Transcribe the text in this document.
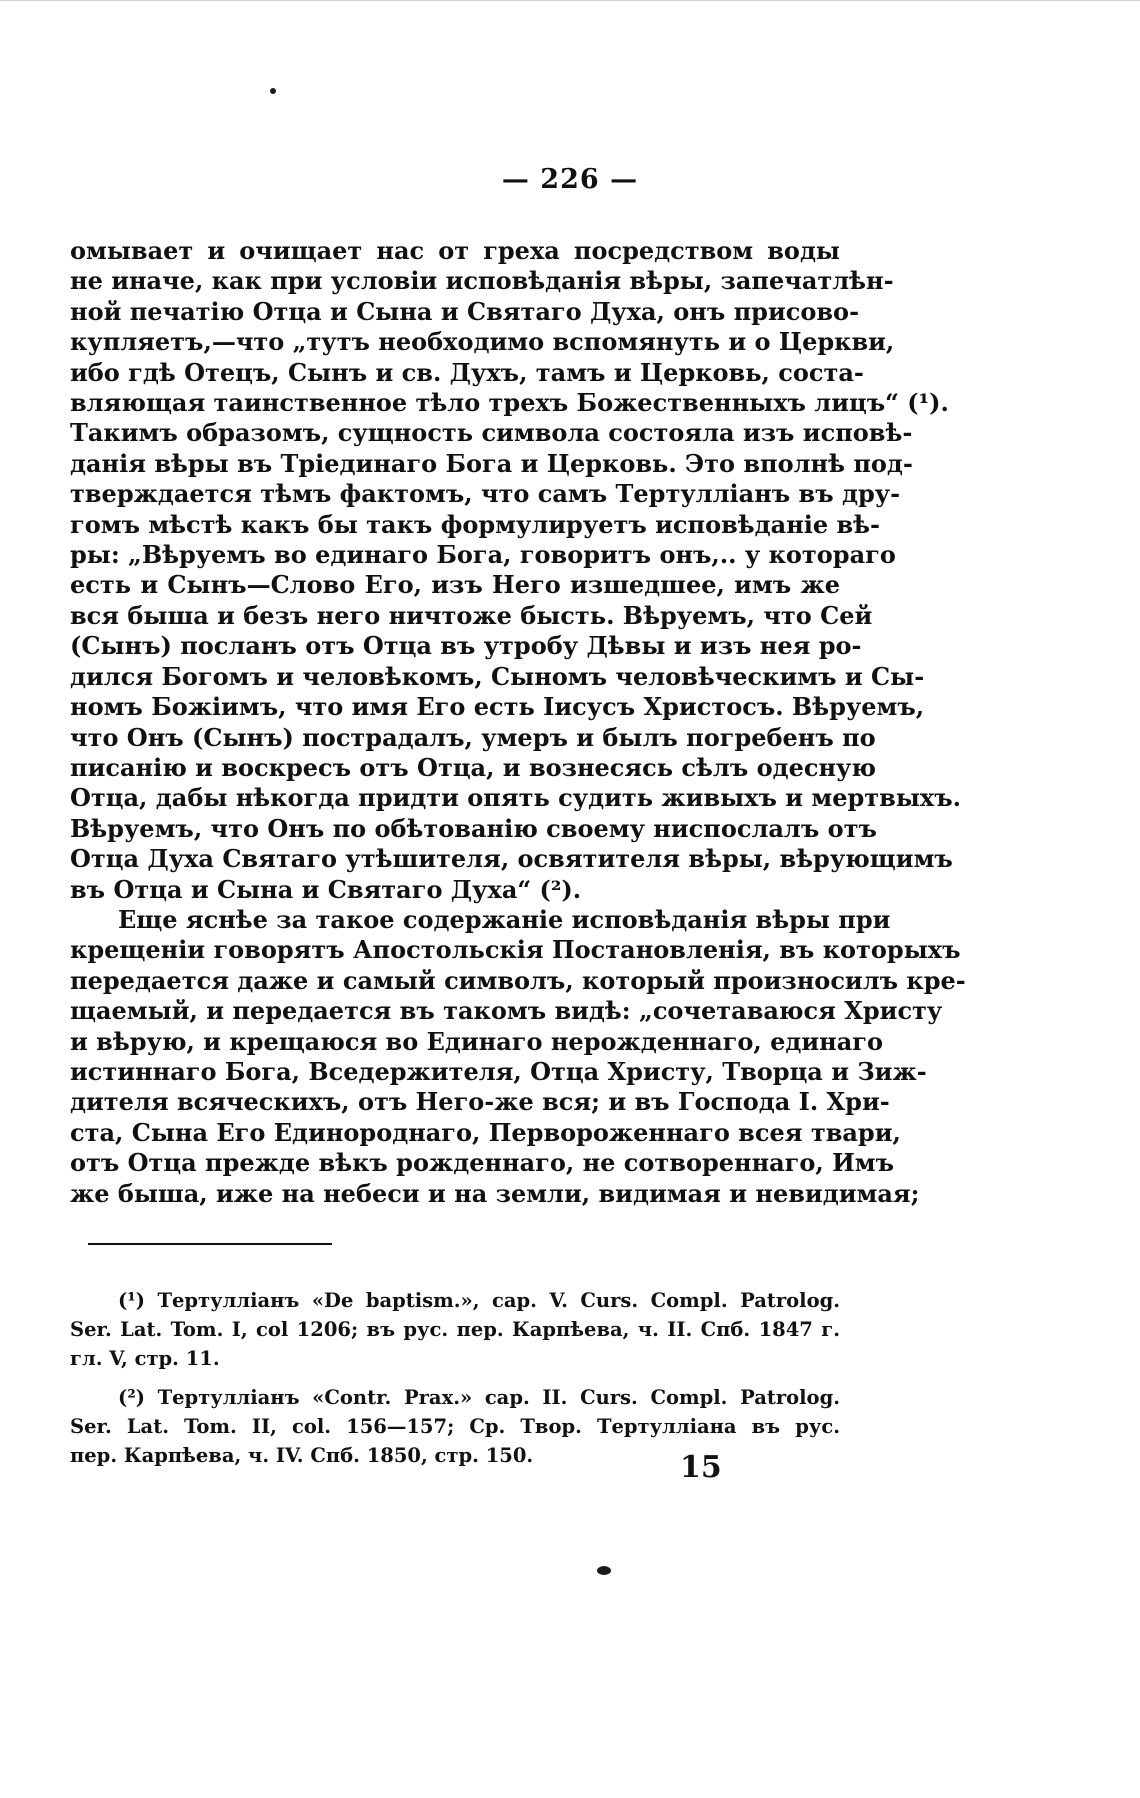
— 226 —
омывает и очищает нас от греха посредством воды
не иначе, как при условіи исповѣданія вѣры, запечатлѣн-
ной печатію Отца и Сына и Святаго Духа, онъ присово-
купляетъ,—что „тутъ необходимо вспомянуть и о Церкви,
ибо гдѣ Отецъ, Сынъ и св. Духъ, тамъ и Церковь, соста-
вляющая таинственное тѣло трехъ Божественныхъ лицъ“ (¹).
Такимъ образомъ, сущность символа состояла изъ исповѣ-
данія вѣры въ Тріединаго Бога и Церковь. Это вполнѣ под-
тверждается тѣмъ фактомъ, что самъ Тертулліанъ въ дру-
гомъ мѣстѣ какъ бы такъ формулируетъ исповѣданіе вѣ-
ры: „Вѣруемъ во единаго Бога, говоритъ онъ,.. у котораго
есть и Сынъ—Слово Его, изъ Него изшедшее, имъ же
вся быша и безъ него ничтоже бысть. Вѣруемъ, что Сей
(Сынъ) посланъ отъ Отца въ утробу Дѣвы и изъ нея ро-
дился Богомъ и человѣкомъ, Сыномъ человѣческимъ и Сы-
номъ Божіимъ, что имя Его есть Іисусъ Христосъ. Вѣруемъ,
что Онъ (Сынъ) пострадалъ, умеръ и былъ погребенъ по
писанію и воскресъ отъ Отца, и вознесясь сѣлъ одесную
Отца, дабы нѣкогда придти опять судить живыхъ и мертвыхъ.
Вѣруемъ, что Онъ по обѣтованію своему ниспослалъ отъ
Отца Духа Святаго утѣшителя, освятителя вѣры, вѣрующимъ
въ Отца и Сына и Святаго Духа“ (²).
Еще яснѣе за такое содержаніе исповѣданія вѣры при
крещеніи говорятъ Апостольскія Постановленія, въ которыхъ
передается даже и самый символъ, который произносилъ кре-
щаемый, и передается въ такомъ видѣ: „сочетаваюся Христу
и вѣрую, и крещаюся во Единаго нерожденнаго, единаго
истиннаго Бога, Вседержителя, Отца Христу, Творца и Зиж-
дителя всяческихъ, отъ Него-же вся; и въ Господа І. Хри-
ста, Сына Его Единороднаго, Первороженнаго всея твари,
отъ Отца прежде вѣкъ рожденнаго, не сотвореннаго, Имъ
же быша, иже на небеси и на земли, видимая и невидимая;
(¹) Тертулліанъ «De baptism.», cap. V. Curs. Compl. Patrolog.
Ser. Lat. Tom. I, col 1206; въ рус. пер. Карпѣева, ч. II. Спб. 1847 г.
гл. V, стр. 11.
(²) Тертулліанъ «Contr. Prax.» cap. II. Curs. Compl. Patrolog.
Ser. Lat. Tom. II, col. 156—157; Ср. Твор. Тертулліана въ рус.
пер. Карпѣева, ч. IV. Спб. 1850, стр. 150.	15
